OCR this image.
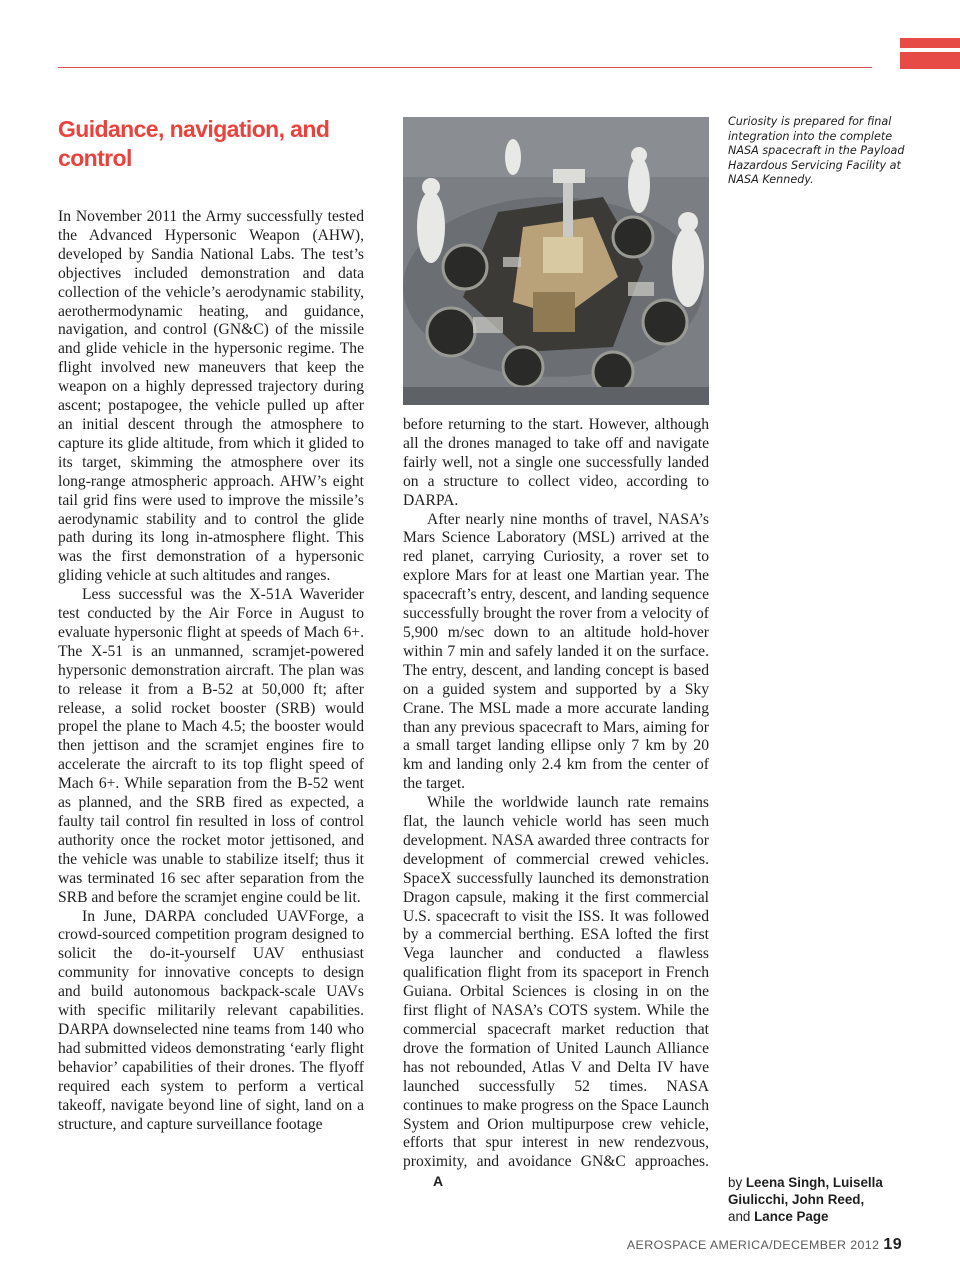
Guidance, navigation, and control

In November 2011 the Army successfully tested the Advanced Hypersonic Weapon (AHW), developed by Sandia National Labs. The test’s objectives included demonstration and data collection of the vehicle’s aerodynamic stability, aerothermodynamic heating, and guidance, navigation, and control (GN&C) of the missile and glide vehicle in the hypersonic regime. The flight involved new maneuvers that keep the weapon on a highly depressed trajectory during ascent; postapogee, the vehicle pulled up after an initial descent through the atmosphere to capture its glide altitude, from which it glided to its target, skimming the atmosphere over its long-range atmospheric approach. AHW’s eight tail grid fins were used to improve the missile’s aerodynamic stability and to control the glide path during its long in-atmosphere flight. This was the first demonstration of a hypersonic gliding vehicle at such altitudes and ranges.

Less successful was the X-51A Waverider test conducted by the Air Force in August to evaluate hypersonic flight at speeds of Mach 6+. The X-51 is an unmanned, scramjet-powered hypersonic demonstration aircraft. The plan was to release it from a B-52 at 50,000 ft; after release, a solid rocket booster (SRB) would propel the plane to Mach 4.5; the booster would then jettison and the scramjet engines fire to accelerate the aircraft to its top flight speed of Mach 6+. While separation from the B-52 went as planned, and the SRB fired as expected, a faulty tail control fin resulted in loss of control authority once the rocket motor jettisoned, and the vehicle was unable to stabilize itself; thus it was terminated 16 sec after separation from the SRB and before the scramjet engine could be lit.

In June, DARPA concluded UAVForge, a crowd-sourced competition program designed to solicit the do-it-yourself UAV enthusiast community for innovative concepts to design and build autonomous backpack-scale UAVs with specific militarily relevant capabilities. DARPA downselected nine teams from 140 who had submitted videos demonstrating ‘early flight behavior’ capabilities of their drones. The flyoff required each system to perform a vertical takeoff, navigate beyond line of sight, land on a structure, and capture surveillance footage

Curiosity is prepared for final integration into the complete NASA spacecraft in the Payload Hazardous Servicing Facility at NASA Kennedy.

before returning to the start. However, although all the drones managed to take off and navigate fairly well, not a single one successfully landed on a structure to collect video, according to DARPA.

After nearly nine months of travel, NASA’s Mars Science Laboratory (MSL) arrived at the red planet, carrying Curiosity, a rover set to explore Mars for at least one Martian year. The spacecraft’s entry, descent, and landing sequence successfully brought the rover from a velocity of 5,900 m/sec down to an altitude hold-hover within 7 min and safely landed it on the surface. The entry, descent, and landing concept is based on a guided system and supported by a Sky Crane. The MSL made a more accurate landing than any previous spacecraft to Mars, aiming for a small target landing ellipse only 7 km by 20 km and landing only 2.4 km from the center of the target.

While the worldwide launch rate remains flat, the launch vehicle world has seen much development. NASA awarded three contracts for development of commercial crewed vehicles. SpaceX successfully launched its demonstration Dragon capsule, making it the first commercial U.S. spacecraft to visit the ISS. It was followed by a commercial berthing. ESA lofted the first Vega launcher and conducted a flawless qualification flight from its spaceport in French Guiana. Orbital Sciences is closing in on the first flight of NASA’s COTS system. While the commercial spacecraft market reduction that drove the formation of United Launch Alliance has not rebounded, Atlas V and Delta IV have launched successfully 52 times. NASA continues to make progress on the Space Launch System and Orion multipurpose crew vehicle, efforts that spur interest in new rendezvous, proximity, and avoidance GN&C approaches.A	by Leena Singh, Luisella Giulicchi, John Reed,
and Lance Page
AEROSPACE AMERICA/DECEMBER 2012 19
